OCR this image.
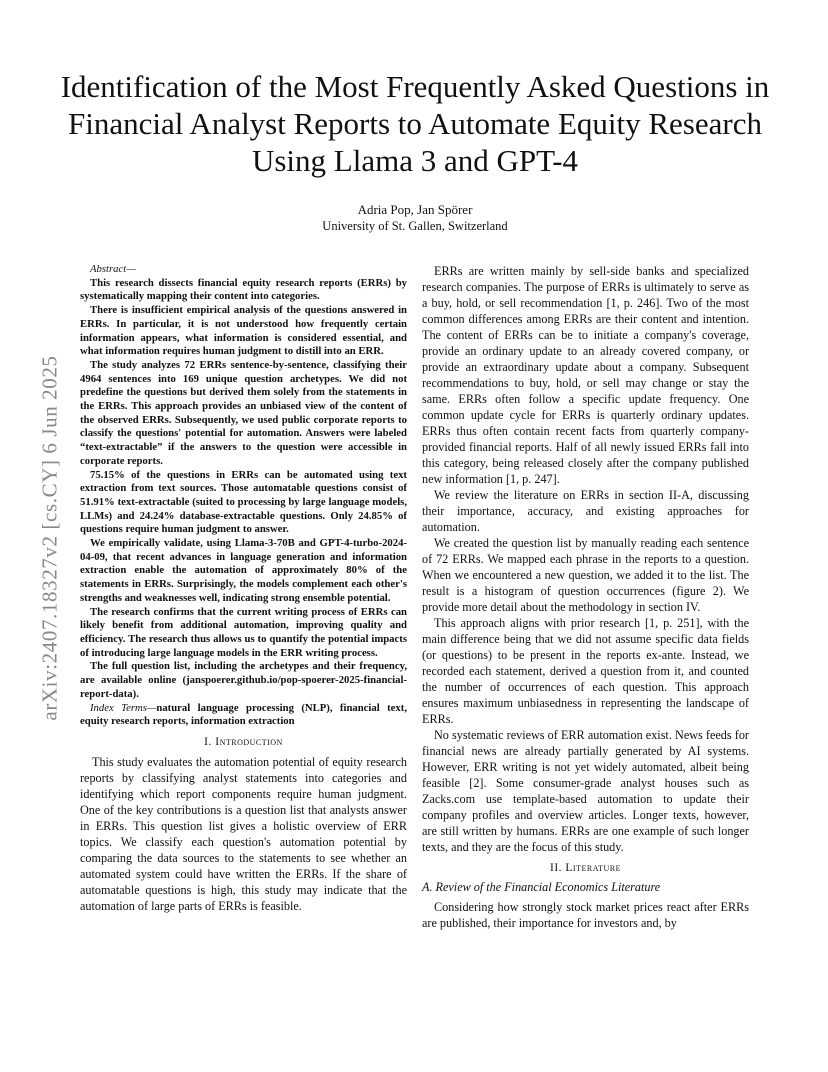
arXiv:2407.18327v2 [cs.CY] 6 Jun 2025
Identification of the Most Frequently Asked Questions in Financial Analyst Reports to Automate Equity Research Using Llama 3 and GPT-4
Adria Pop, Jan Spörer
University of St. Gallen, Switzerland

Abstract—

This research dissects financial equity research reports (ERRs) by systematically mapping their content into categories.

There is insufficient empirical analysis of the questions answered in ERRs. In particular, it is not understood how frequently certain information appears, what information is considered essential, and what information requires human judgment to distill into an ERR.

The study analyzes 72 ERRs sentence-by-sentence, classifying their 4964 sentences into 169 unique question archetypes. We did not predefine the questions but derived them solely from the statements in the ERRs. This approach provides an unbiased view of the content of the observed ERRs. Subsequently, we used public corporate reports to classify the questions' potential for automation. Answers were labeled “text-extractable” if the answers to the question were accessible in corporate reports.

75.15% of the questions in ERRs can be automated using text extraction from text sources. Those automatable questions consist of 51.91% text-extractable (suited to processing by large language models, LLMs) and 24.24% database-extractable questions. Only 24.85% of questions require human judgment to answer.

We empirically validate, using Llama-3-70B and GPT-4-turbo-2024-04-09, that recent advances in language generation and information extraction enable the automation of approximately 80% of the statements in ERRs. Surprisingly, the models complement each other's strengths and weaknesses well, indicating strong ensemble potential.

The research confirms that the current writing process of ERRs can likely benefit from additional automation, improving quality and efficiency. The research thus allows us to quantify the potential impacts of introducing large language models in the ERR writing process.

The full question list, including the archetypes and their frequency, are available online (janspoerer.github.io/pop-spoerer-2025-financial-report-data).

Index Terms—natural language processing (NLP), financial text, equity research reports, information extraction

I. Introduction

This study evaluates the automation potential of equity research reports by classifying analyst statements into categories and identifying which report components require human judgment. One of the key contributions is a question list that analysts answer in ERRs. This question list gives a holistic overview of ERR topics. We classify each question's automation potential by comparing the data sources to the statements to see whether an automated system could have written the ERRs. If the share of automatable questions is high, this study may indicate that the automation of large parts of ERRs is feasible.

ERRs are written mainly by sell-side banks and specialized research companies. The purpose of ERRs is ultimately to serve as a buy, hold, or sell recommendation [1, p. 246]. Two of the most common differences among ERRs are their content and intention. The content of ERRs can be to initiate a company's coverage, provide an ordinary update to an already covered company, or provide an extraordinary update about a company. Subsequent recommendations to buy, hold, or sell may change or stay the same. ERRs often follow a specific update frequency. One common update cycle for ERRs is quarterly ordinary updates. ERRs thus often contain recent facts from quarterly company-provided financial reports. Half of all newly issued ERRs fall into this category, being released closely after the company published new information [1, p. 247].

We review the literature on ERRs in section II-A, discussing their importance, accuracy, and existing approaches for automation.

We created the question list by manually reading each sentence of 72 ERRs. We mapped each phrase in the reports to a question. When we encountered a new question, we added it to the list. The result is a histogram of question occurrences (figure 2). We provide more detail about the methodology in section IV.

This approach aligns with prior research [1, p. 251], with the main difference being that we did not assume specific data fields (or questions) to be present in the reports ex-ante. Instead, we recorded each statement, derived a question from it, and counted the number of occurrences of each question. This approach ensures maximum unbiasedness in representing the landscape of ERRs.

No systematic reviews of ERR automation exist. News feeds for financial news are already partially generated by AI systems. However, ERR writing is not yet widely automated, albeit being feasible [2]. Some consumer-grade analyst houses such as Zacks.com use template-based automation to update their company profiles and overview articles. Longer texts, however, are still written by humans. ERRs are one example of such longer texts, and they are the focus of this study.

II. Literature
A. Review of the Financial Economics Literature

Considering how strongly stock market prices react after ERRs are published, their importance for investors and, by
